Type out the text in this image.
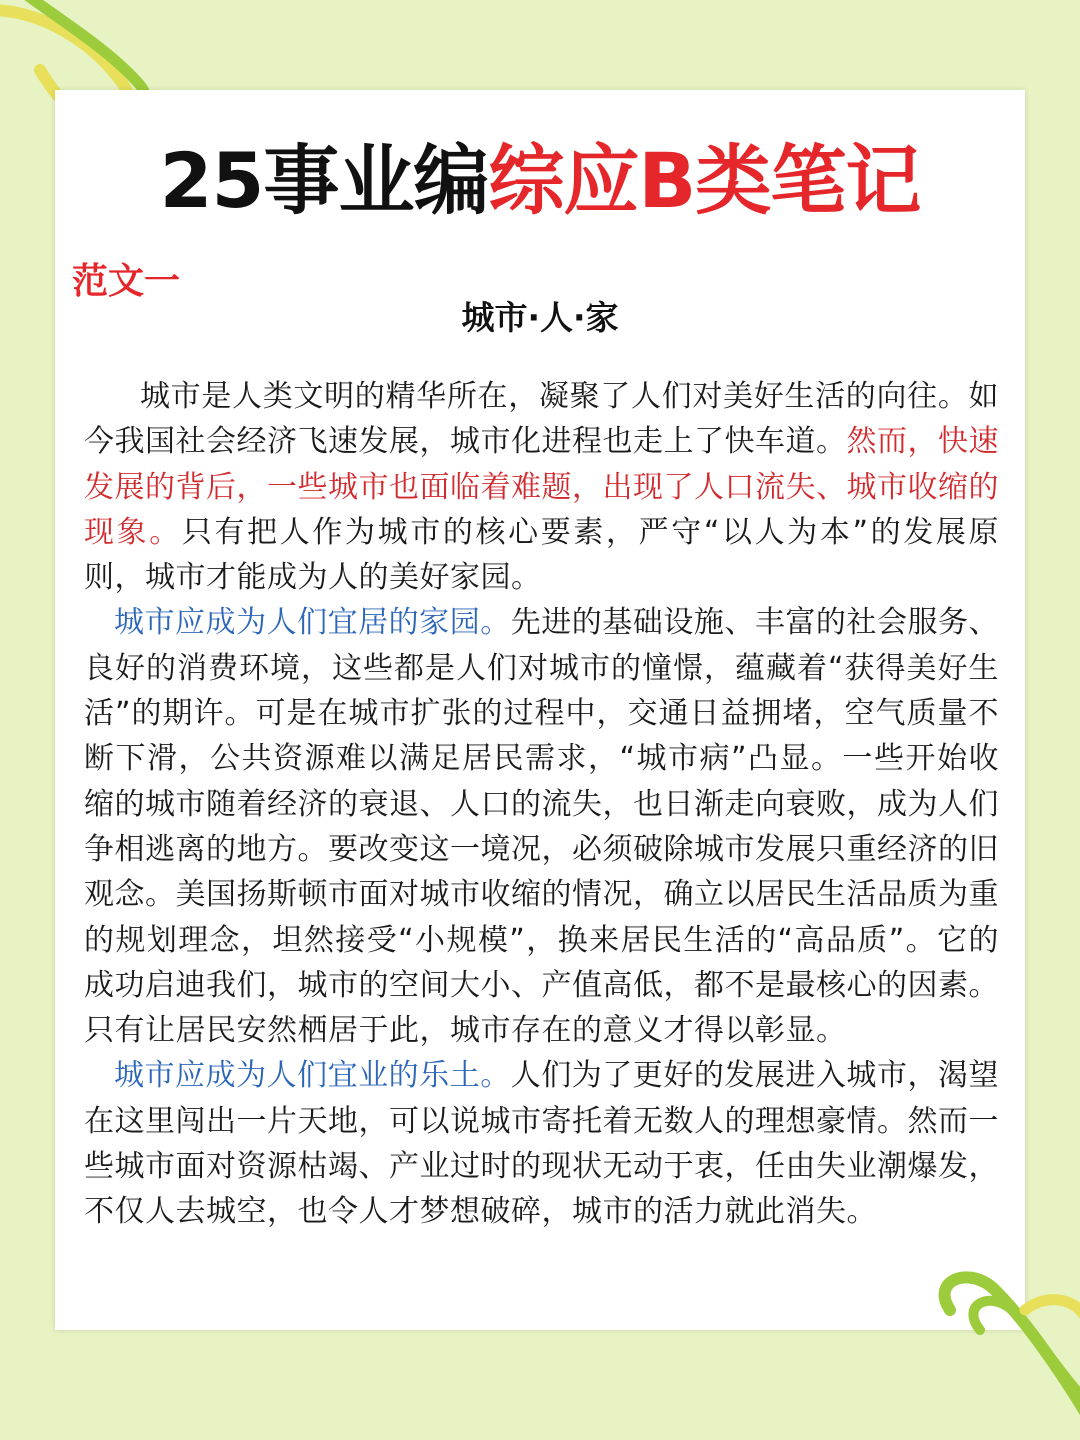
25事业编综应B类笔记
范文一
城市·人·家

城市是人类文明的精华所在，凝聚了人们对美好生活的向往。如今我国社会经济飞速发展，城市化进程也走上了快车道。然而，快速发展的背后，一些城市也面临着难题，出现了人口流失、城市收缩的现象。只有把人作为城市的核心要素，严守“以人为本”的发展原则，城市才能成为人的美好家园。

城市应成为人们宜居的家园。先进的基础设施、丰富的社会服务、良好的消费环境，这些都是人们对城市的憧憬，蕴藏着“获得美好生活”的期许。可是在城市扩张的过程中，交通日益拥堵，空气质量不断下滑，公共资源难以满足居民需求，“城市病”凸显。一些开始收缩的城市随着经济的衰退、人口的流失，也日渐走向衰败，成为人们争相逃离的地方。要改变这一境况，必须破除城市发展只重经济的旧观念。美国扬斯顿市面对城市收缩的情况，确立以居民生活品质为重的规划理念，坦然接受“小规模”，换来居民生活的“高品质”。它的成功启迪我们，城市的空间大小、产值高低，都不是最核心的因素。只有让居民安然栖居于此，城市存在的意义才得以彰显。

城市应成为人们宜业的乐土。人们为了更好的发展进入城市，渴望在这里闯出一片天地，可以说城市寄托着无数人的理想豪情。然而一些城市面对资源枯竭、产业过时的现状无动于衷，任由失业潮爆发，不仅人去城空，也令人才梦想破碎，城市的活力就此消失。
